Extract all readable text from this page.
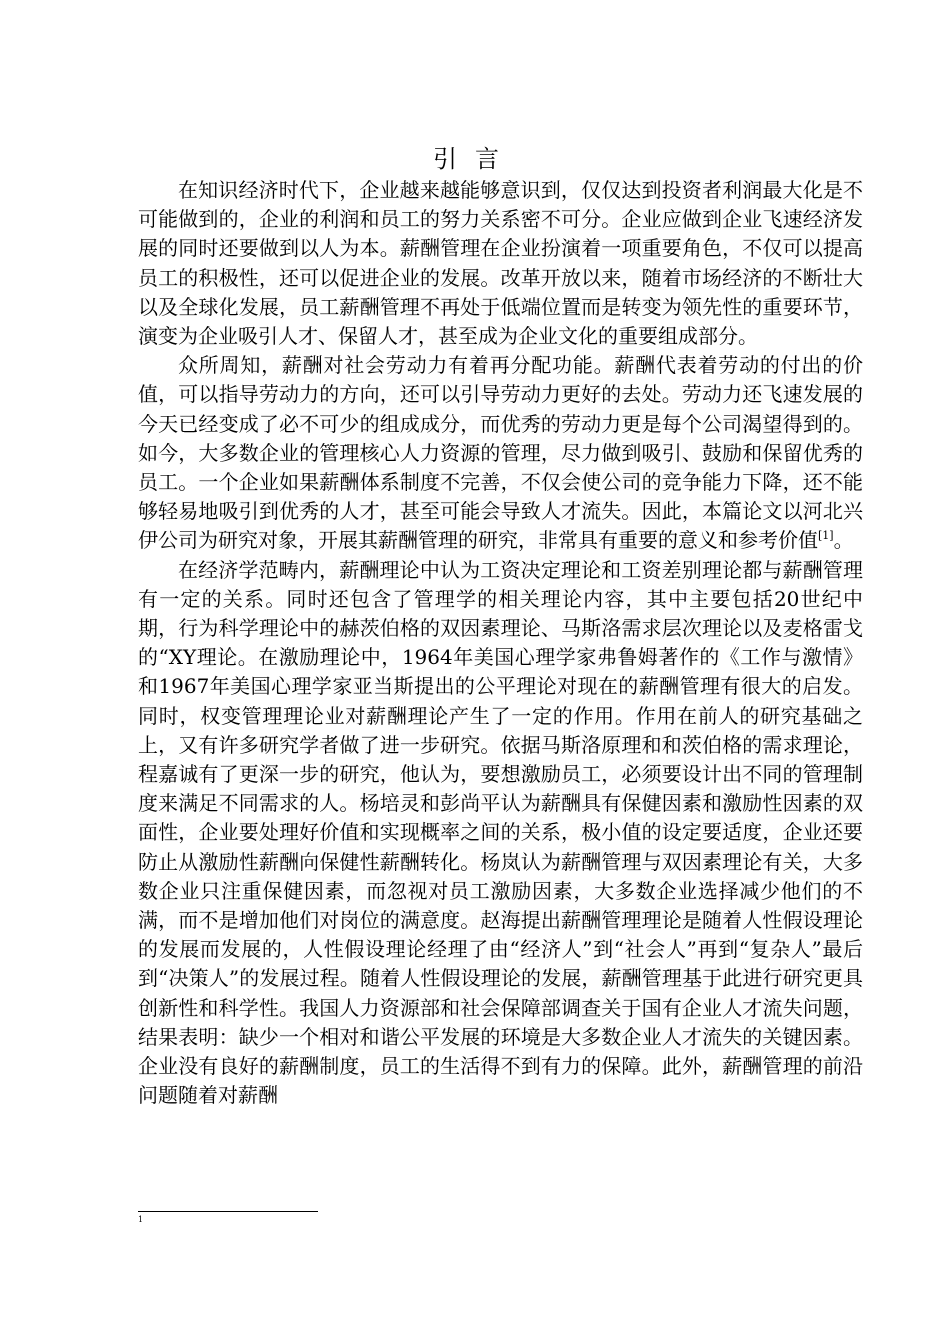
引言

在知识经济时代下，企业越来越能够意识到，仅仅达到投资者利润最大化是不可能做到的，企业的利润和员工的努力关系密不可分。企业应做到企业飞速经济发展的同时还要做到以人为本。薪酬管理在企业扮演着一项重要角色，不仅可以提高员工的积极性，还可以促进企业的发展。改革开放以来，随着市场经济的不断壮大以及全球化发展，员工薪酬管理不再处于低端位置而是转变为领先性的重要环节，演变为企业吸引人才、保留人才，甚至成为企业文化的重要组成部分。

众所周知，薪酬对社会劳动力有着再分配功能。薪酬代表着劳动的付出的价值，可以指导劳动力的方向，还可以引导劳动力更好的去处。劳动力还飞速发展的今天已经变成了必不可少的组成成分，而优秀的劳动力更是每个公司渴望得到的。如今，大多数企业的管理核心人力资源的管理，尽力做到吸引、鼓励和保留优秀的员工。一个企业如果薪酬体系制度不完善，不仅会使公司的竞争能力下降，还不能够轻易地吸引到优秀的人才，甚至可能会导致人才流失。因此，本篇论文以河北兴伊公司为研究对象，开展其薪酬管理的研究，非常具有重要的意义和参考价值[1]。

在经济学范畴内，薪酬理论中认为工资决定理论和工资差别理论都与薪酬管理有一定的关系。同时还包含了管理学的相关理论内容，其中主要包括20世纪中期，行为科学理论中的赫茨伯格的双因素理论、马斯洛需求层次理论以及麦格雷戈的“XY理论。在激励理论中，1964年美国心理学家弗鲁姆著作的《工作与激情》和1967年美国心理学家亚当斯提出的公平理论对现在的薪酬管理有很大的启发。同时，权变管理理论业对薪酬理论产生了一定的作用。作用在前人的研究基础之上，又有许多研究学者做了进一步研究。依据马斯洛原理和和茨伯格的需求理论，程嘉诚有了更深一步的研究，他认为，要想激励员工，必须要设计出不同的管理制度来满足不同需求的人。杨培灵和彭尚平认为薪酬具有保健因素和激励性因素的双面性，企业要处理好价值和实现概率之间的关系，极小值的设定要适度，企业还要防止从激励性薪酬向保健性薪酬转化。杨岚认为薪酬管理与双因素理论有关，大多数企业只注重保健因素，而忽视对员工激励因素，大多数企业选择减少他们的不满，而不是增加他们对岗位的满意度。赵海提出薪酬管理理论是随着人性假设理论的发展而发展的，人性假设理论经理了由“经济人”到“社会人”再到“复杂人”最后到“决策人”的发展过程。随着人性假设理论的发展，薪酬管理基于此进行研究更具创新性和科学性。我国人力资源部和社会保障部调查关于国有企业人才流失问题，结果表明：缺少一个相对和谐公平发展的环境是大多数企业人才流失的关键因素。企业没有良好的薪酬制度，员工的生活得不到有力的保障。此外，薪酬管理的前沿问题随着对薪酬

1
